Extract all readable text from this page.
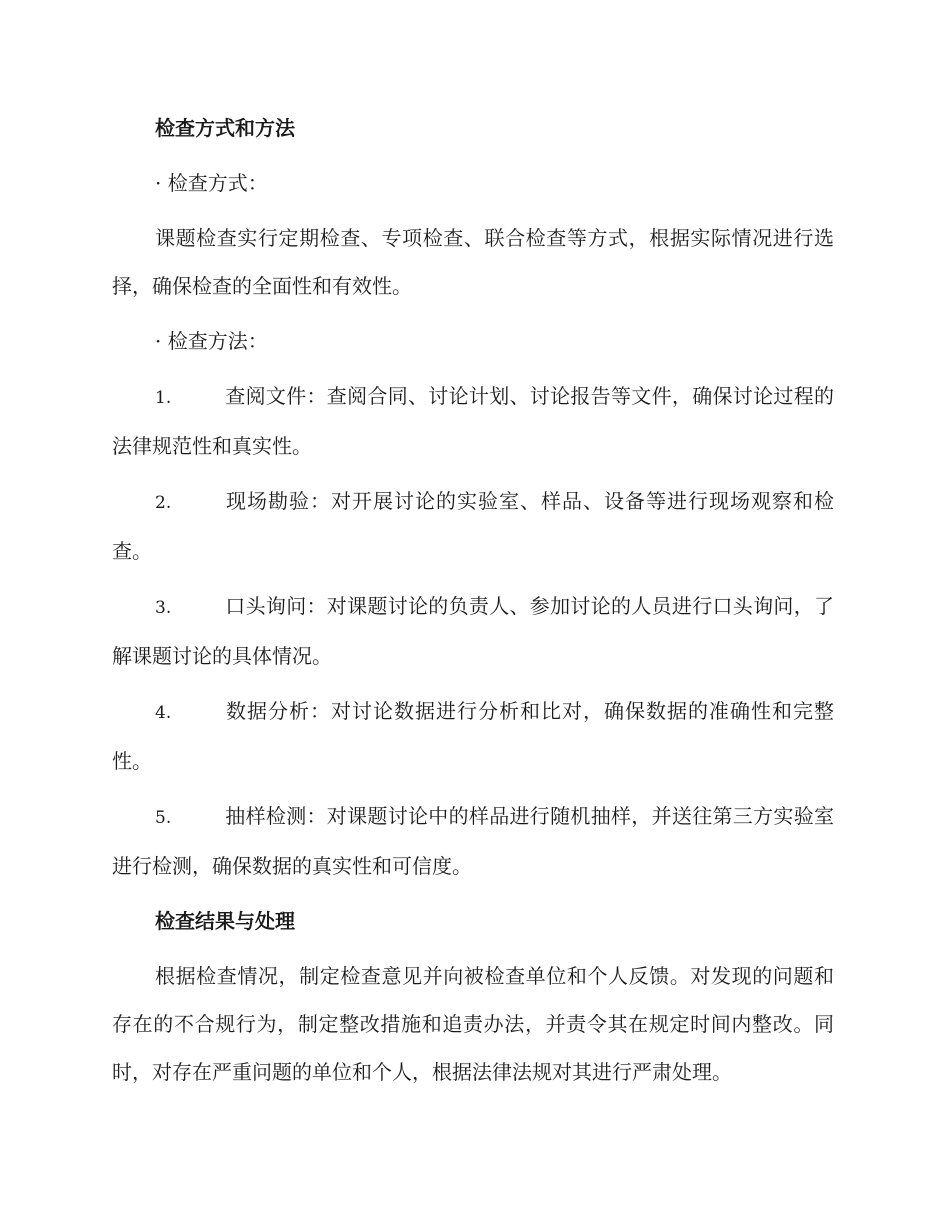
检查方式和方法
· 检查方式：
课题检查实行定期检查、专项检查、联合检查等方式，根据实际情况进行选择，确保检查的全面性和有效性。
· 检查方法：
1.	查阅文件：查阅合同、讨论计划、讨论报告等文件，确保讨论过程的法律规范性和真实性。
2.	现场勘验：对开展讨论的实验室、样品、设备等进行现场观察和检查。
3.	口头询问：对课题讨论的负责人、参加讨论的人员进行口头询问，了解课题讨论的具体情况。
4.	数据分析：对讨论数据进行分析和比对，确保数据的准确性和完整性。
5.	抽样检测：对课题讨论中的样品进行随机抽样，并送往第三方实验室进行检测，确保数据的真实性和可信度。
检查结果与处理
根据检查情况，制定检查意见并向被检查单位和个人反馈。对发现的问题和存在的不合规行为，制定整改措施和追责办法，并责令其在规定时间内整改。同时，对存在严重问题的单位和个人，根据法律法规对其进行严肃处理。
